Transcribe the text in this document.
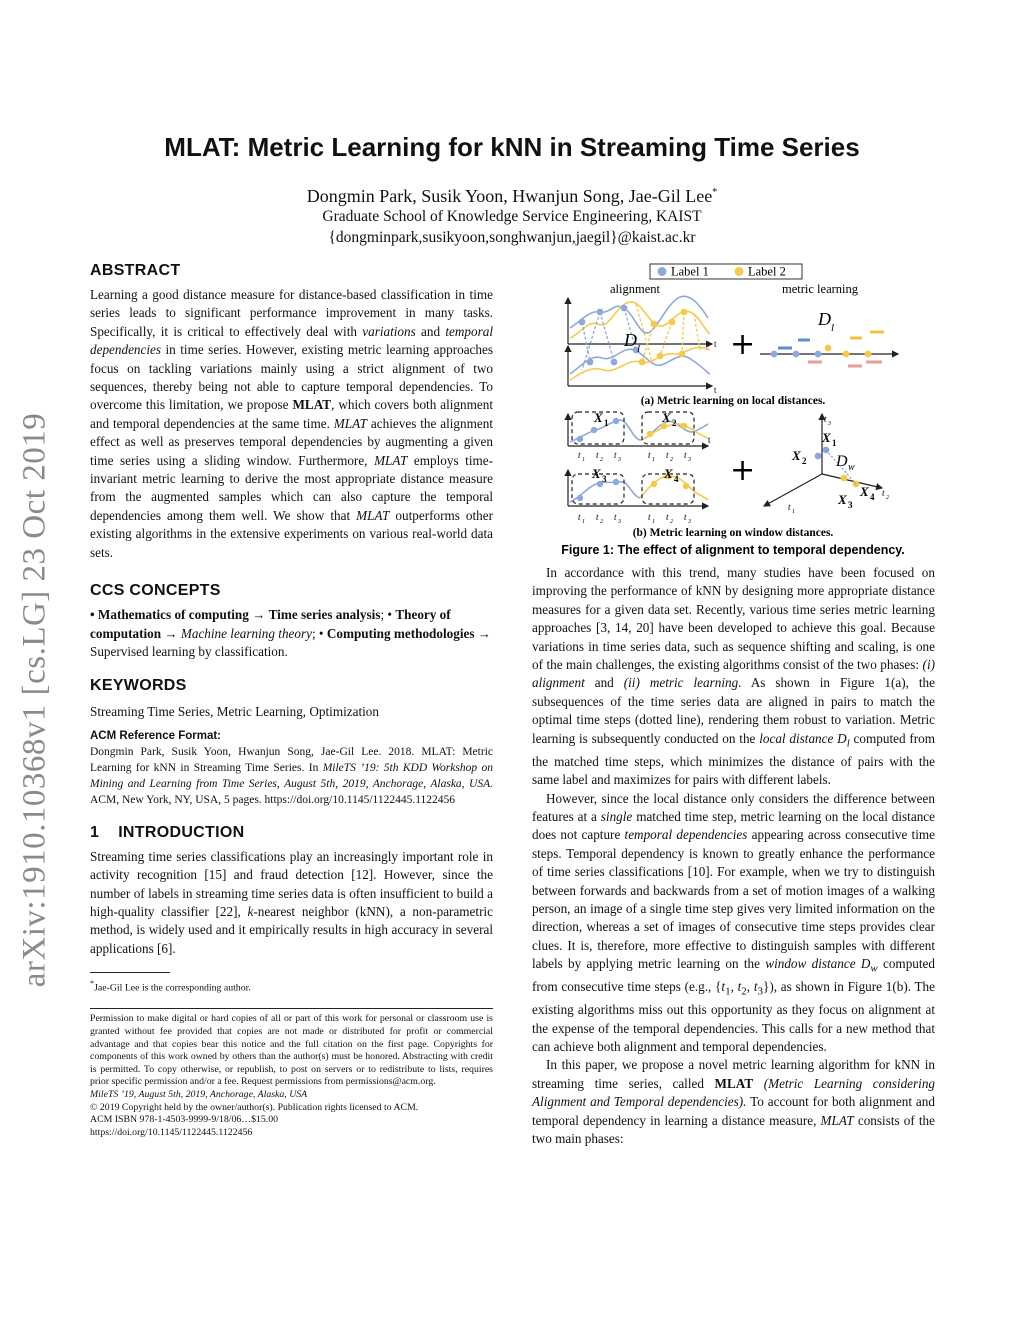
arXiv:1910.10368v1 [cs.LG] 23 Oct 2019
MLAT: Metric Learning for kNN in Streaming Time Series
Dongmin Park, Susik Yoon, Hwanjun Song, Jae-Gil Lee*
Graduate School of Knowledge Service Engineering, KAIST
{dongminpark,susikyoon,songhwanjun,jaegil}@kaist.ac.kr
ABSTRACT

Learning a good distance measure for distance-based classification in time series leads to significant performance improvement in many tasks. Specifically, it is critical to effectively deal with variations and temporal dependencies in time series. However, existing metric learning approaches focus on tackling variations mainly using a strict alignment of two sequences, thereby being not able to capture temporal dependencies. To overcome this limitation, we propose MLAT, which covers both alignment and temporal dependencies at the same time. MLAT achieves the alignment effect as well as preserves temporal dependencies by augmenting a given time series using a sliding window. Furthermore, MLAT employs time-invariant metric learning to derive the most appropriate distance measure from the augmented samples which can also capture the temporal dependencies among them well. We show that MLAT outperforms other existing algorithms in the extensive experiments on various real-world data sets.

CCS CONCEPTS

• Mathematics of computing → Time series analysis; • Theory of computation → Machine learning theory; • Computing methodologies → Supervised learning by classification.

KEYWORDS

Streaming Time Series, Metric Learning, Optimization

ACM Reference Format:

Dongmin Park, Susik Yoon, Hwanjun Song, Jae-Gil Lee. 2018. MLAT: Metric Learning for kNN in Streaming Time Series. In MileTS ’19: 5th KDD Workshop on Mining and Learning from Time Series, August 5th, 2019, Anchorage, Alaska, USA. ACM, New York, NY, USA, 5 pages. https://doi.org/10.1145/1122445.1122456

1 INTRODUCTION

Streaming time series classifications play an increasingly important role in activity recognition [15] and fraud detection [12]. However, since the number of labels in streaming time series data is often insufficient to build a high-quality classifier [22], k-nearest neighbor (kNN), a non-parametric method, is widely used and it empirically results in high accuracy in several applications [6].

*Jae-Gil Lee is the corresponding author.

Permission to make digital or hard copies of all or part of this work for personal or classroom use is granted without fee provided that copies are not made or distributed for profit or commercial advantage and that copies bear this notice and the full citation on the first page. Copyrights for components of this work owned by others than the author(s) must be honored. Abstracting with credit is permitted. To copy otherwise, or republish, to post on servers or to redistribute to lists, requires prior specific permission and/or a fee. Request permissions from permissions@acm.org.

MileTS ’19, August 5th, 2019, Anchorage, Alaska, USA

© 2019 Copyright held by the owner/author(s). Publication rights licensed to ACM.

ACM ISBN 978-1-4503-9999-9/18/06…$15.00

https://doi.org/10.1145/1122445.1122456

Label 1	Label 2
alignment	metric learning
t
t
D l	+
D l
(a) Metric learning on local distances.
t
X 1	X 2
t 1 t 2 t 3	t 1 t 2 t 3
X 3	X 4
t 1 t 2 t 3	t 1 t 2 t 3
+
t 3
t 2
t 1
X 1
X 2
X 3
X 4
D w
(b) Metric learning on window distances.
Figure 1: The effect of alignment to temporal dependency.

In accordance with this trend, many studies have been focused on improving the performance of kNN by designing more appropriate distance measures for a given data set. Recently, various time series metric learning approaches [3, 14, 20] have been developed to achieve this goal. Because variations in time series data, such as sequence shifting and scaling, is one of the main challenges, the existing algorithms consist of the two phases: (i) alignment and (ii) metric learning. As shown in Figure 1(a), the subsequences of the time series data are aligned in pairs to match the optimal time steps (dotted line), rendering them robust to variation. Metric learning is subsequently conducted on the local distance $D_l$ computed from the matched time steps, which minimizes the distance of pairs with the same label and maximizes for pairs with different labels.

However, since the local distance only considers the difference between features at a single matched time step, metric learning on the local distance does not capture temporal dependencies appearing across consecutive time steps. Temporal dependency is known to greatly enhance the performance of time series classifications [10]. For example, when we try to distinguish between forwards and backwards from a set of motion images of a walking person, an image of a single time step gives very limited information on the direction, whereas a set of images of consecutive time steps provides clear clues. It is, therefore, more effective to distinguish samples with different labels by applying metric learning on the window distance $D_w$ computed from consecutive time steps (e.g., {$t_1$, $t_2$, $t_3$}), as shown in Figure 1(b). The existing algorithms miss out this opportunity as they focus on alignment at the expense of the temporal dependencies. This calls for a new method that can achieve both alignment and temporal dependencies.

In this paper, we propose a novel metric learning algorithm for kNN in streaming time series, called MLAT (Metric Learning considering Alignment and Temporal dependencies). To account for both alignment and temporal dependency in learning a distance measure, MLAT consists of the two main phases:
